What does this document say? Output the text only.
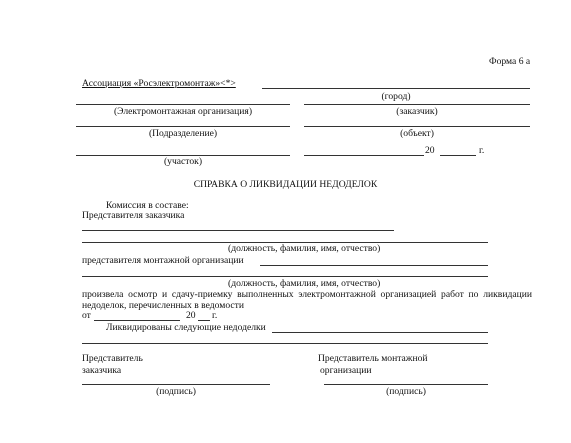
Форма 6 а
Ассоциация «Росэлектромонтаж»<*>
(город)
(Электромонтажная организация)	(заказчик)
(Подразделение)	(объект)
20	г.
(участок)
СПРАВКА О ЛИКВИДАЦИИ НЕДОДЕЛОК
Комиссия в составе:
Представителя заказчика
(должность, фамилия, имя, отчество)
представителя монтажной организации
(должность, фамилия, имя, отчество)
произвела осмотр и сдачу-приемку выполненных электромонтажной организацией работ по ликвидации недоделок, перечисленных в ведомости
от	20 г.
Ликвидированы следующие недоделки
Представитель
заказчика
(подпись)
Представитель монтажной
организации
(подпись)
